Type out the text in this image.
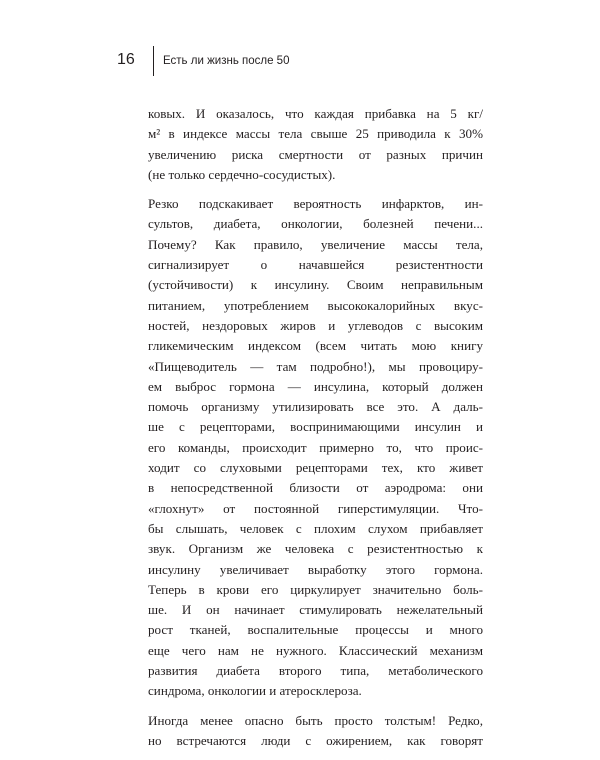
16 Есть ли жизнь после 50
ковых. И оказалось, что каждая прибавка на 5 кг/
м² в индексе массы тела свыше 25 приводила к 30%
увеличению риска смертности от разных причин
(не только сердечно-сосудистых).
Резко подскакивает вероятность инфарктов, ин-
сультов, диабета, онкологии, болезней печени...
Почему? Как правило, увеличение массы тела,
сигнализирует о начавшейся резистентности
(устойчивости) к инсулину. Своим неправильным
питанием, употреблением высококалорийных вкус-
ностей, нездоровых жиров и углеводов с высоким
гликемическим индексом (всем читать мою книгу
«Пищеводитель — там подробно!), мы провоциру-
ем выброс гормона — инсулина, который должен
помочь организму утилизировать все это. А даль-
ше с рецепторами, воспринимающими инсулин и
его команды, происходит примерно то, что проис-
ходит со слуховыми рецепторами тех, кто живет
в непосредственной близости от аэродрома: они
«глохнут» от постоянной гиперстимуляции. Что-
бы слышать, человек с плохим слухом прибавляет
звук. Организм же человека с резистентностью к
инсулину увеличивает выработку этого гормона.
Теперь в крови его циркулирует значительно боль-
ше. И он начинает стимулировать нежелательный
рост тканей, воспалительные процессы и много
еще чего нам не нужного. Классический механизм
развития диабета второго типа, метаболического
синдрома, онкологии и атеросклероза.
Иногда менее опасно быть просто толстым! Редко,
но встречаются люди с ожирением, как говорят
